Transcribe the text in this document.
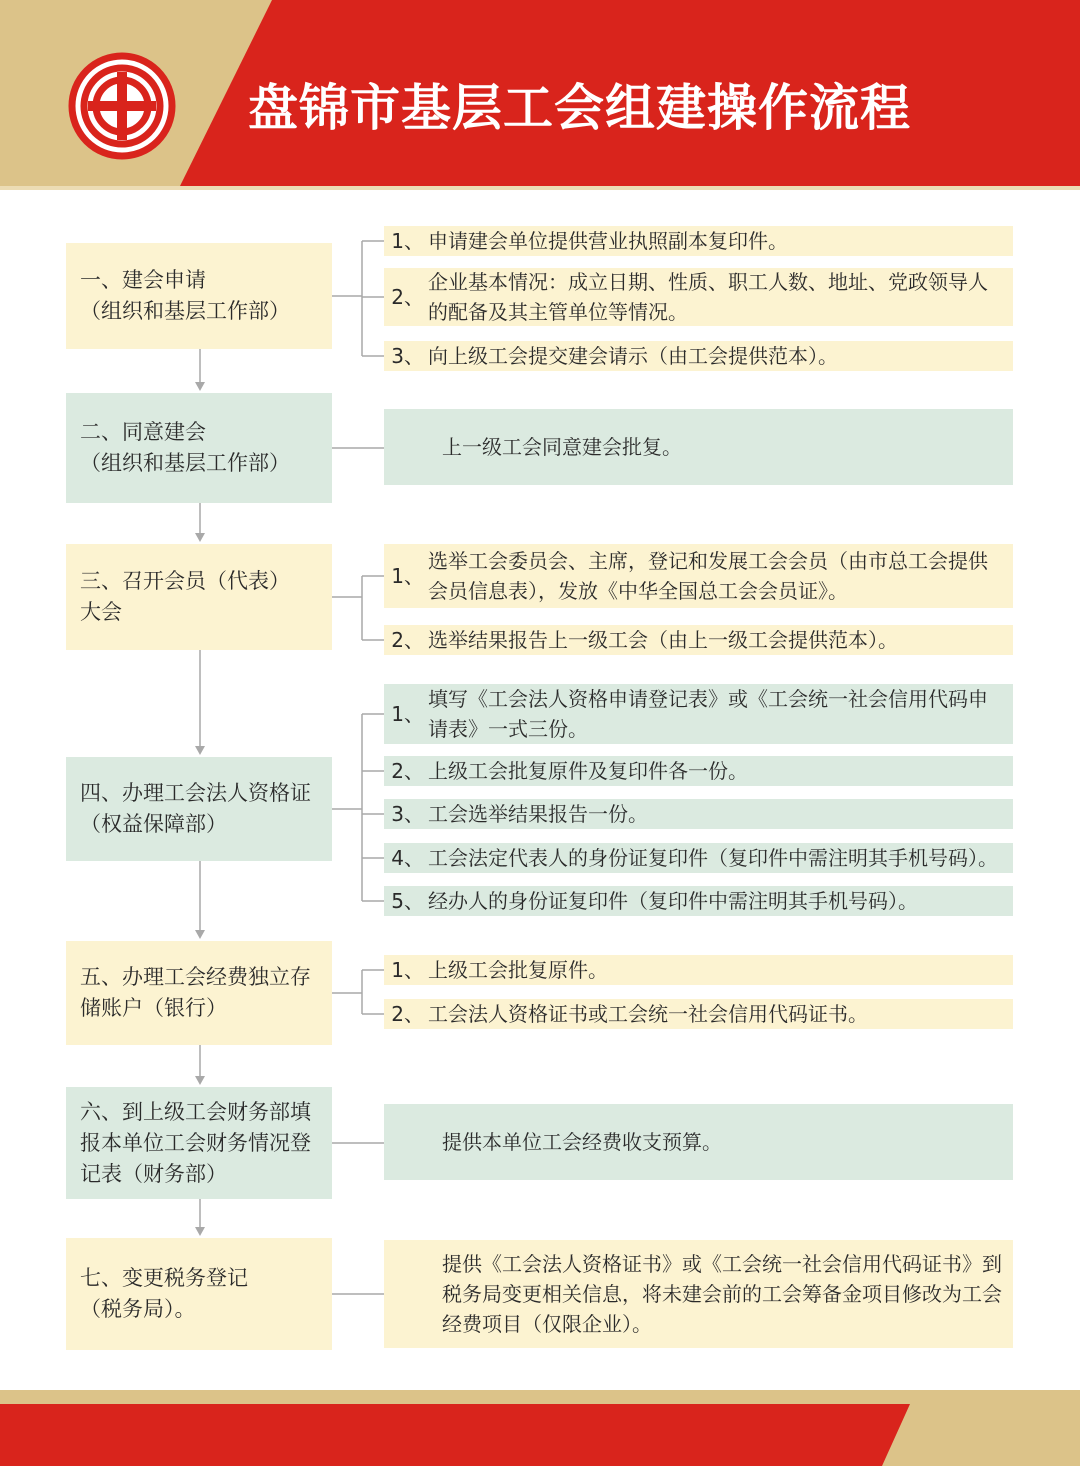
盘锦市基层工会组建操作流程
一、建会申请
（组织和基层工作部）
1、 申请建会单位提供营业执照副本复印件。
2、
企业基本情况：成立日期、性质、职工人数、地址、党政领导人的配备及其主管单位等情况。
3、 向上级工会提交建会请示（由工会提供范本）。
二、同意建会
（组织和基层工作部）
上一级工会同意建会批复。
三、召开会员（代表）
大会
1、
选举工会委员会、主席，登记和发展工会会员（由市总工会提供会员信息表），发放《中华全国总工会会员证》。
2、 选举结果报告上一级工会（由上一级工会提供范本）。
四、办理工会法人资格证
（权益保障部）
1、
填写《工会法人资格申请登记表》或《工会统一社会信用代码申请表》一式三份。
2、 上级工会批复原件及复印件各一份。
3、 工会选举结果报告一份。
4、 工会法定代表人的身份证复印件（复印件中需注明其手机号码）。
5、 经办人的身份证复印件（复印件中需注明其手机号码）。
五、办理工会经费独立存
储账户（银行）
1、 上级工会批复原件。
2、 工会法人资格证书或工会统一社会信用代码证书。
六、到上级工会财务部填
报本单位工会财务情况登
记表（财务部）
提供本单位工会经费收支预算。
七、变更税务登记
（税务局）。
提供《工会法人资格证书》或《工会统一社会信用代码证书》到税务局变更相关信息，将未建会前的工会筹备金项目修改为工会经费项目（仅限企业）。
